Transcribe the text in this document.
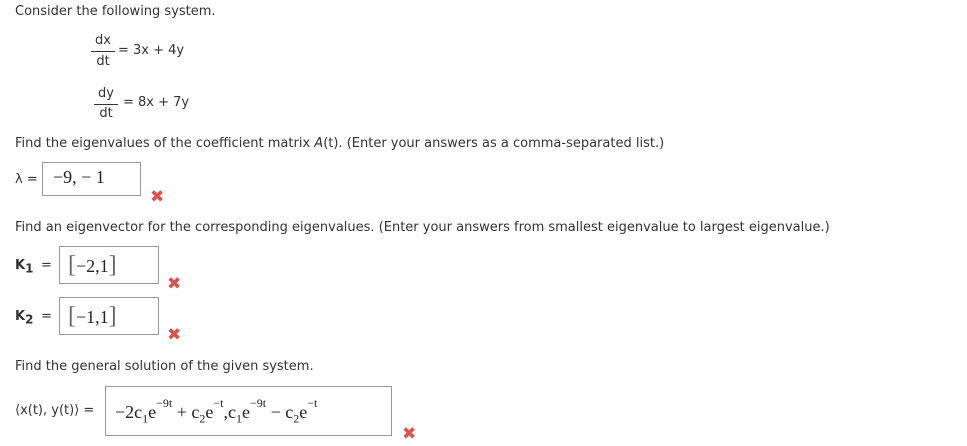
Consider the following system.
dx
dt
= 3x + 4y
dy
dt
= 8x + 7y
Find the eigenvalues of the coefficient matrix A(t). (Enter your answers as a comma-separated list.)
λ = −9, − 1
✖
Find an eigenvector for the corresponding eigenvalues. (Enter your answers from smallest eigenvalue to largest eigenvalue.)
$K_1 = [-2,1]$
✖
$K_2 = [-1,1]$
✖
Find the general solution of the given system.
⟨x(t), y(t)⟩ =	$-2c_1e^{-9t} + c_2e^{-t},c_1e^{-9t} - c_2e^{-t}$
✖
